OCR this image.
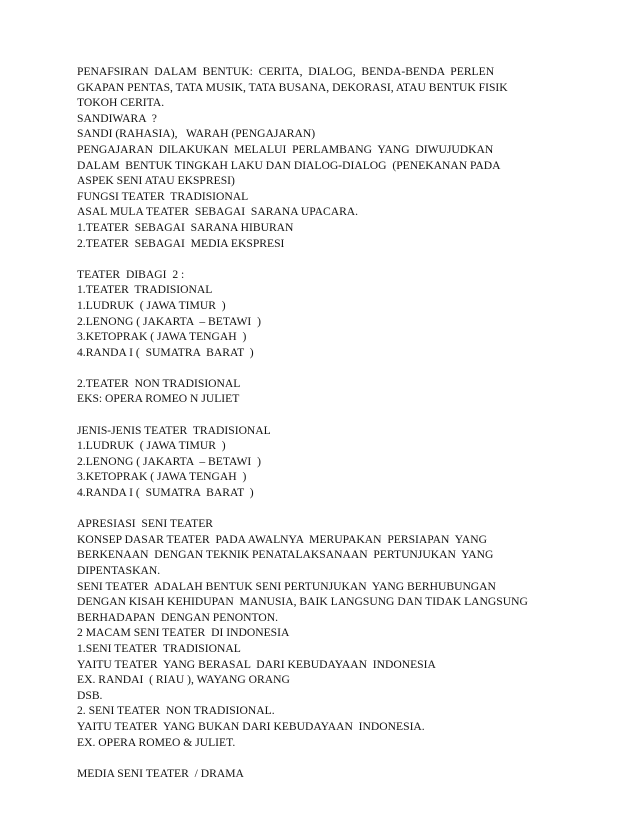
PENAFSIRAN  DALAM  BENTUK:  CERITA,  DIALOG,  BENDA-BENDA  PERLEN
GKAPAN PENTAS, TATA MUSIK, TATA BUSANA, DEKORASI, ATAU BENTUK FISIK
TOKOH CERITA.
SANDIWARA  ?
SANDI (RAHASIA),   WARAH (PENGAJARAN)
PENGAJARAN  DILAKUKAN  MELALUI  PERLAMBANG  YANG  DIWUJUDKAN
DALAM  BENTUK TINGKAH LAKU DAN DIALOG-DIALOG  (PENEKANAN PADA
ASPEK SENI ATAU EKSPRESI)
FUNGSI TEATER  TRADISIONAL
ASAL MULA TEATER  SEBAGAI  SARANA UPACARA.
1.TEATER  SEBAGAI  SARANA HIBURAN
2.TEATER  SEBAGAI  MEDIA EKSPRESI
TEATER  DIBAGI  2 :
1.TEATER  TRADISIONAL
1.LUDRUK  ( JAWA TIMUR  )
2.LENONG ( JAKARTA  – BETAWI  )
3.KETOPRAK ( JAWA TENGAH  )
4.RANDA I (  SUMATRA  BARAT  )
2.TEATER  NON TRADISIONAL
EKS: OPERA ROMEO N JULIET
JENIS-JENIS TEATER  TRADISIONAL
1.LUDRUK  ( JAWA TIMUR  )
2.LENONG ( JAKARTA  – BETAWI  )
3.KETOPRAK ( JAWA TENGAH  )
4.RANDA I (  SUMATRA  BARAT  )
APRESIASI  SENI TEATER
KONSEP DASAR TEATER  PADA AWALNYA  MERUPAKAN  PERSIAPAN  YANG
BERKENAAN  DENGAN TEKNIK PENATALAKSANAAN  PERTUNJUKAN  YANG
DIPENTASKAN.
SENI TEATER  ADALAH BENTUK SENI PERTUNJUKAN  YANG BERHUBUNGAN
DENGAN KISAH KEHIDUPAN  MANUSIA, BAIK LANGSUNG DAN TIDAK LANGSUNG
BERHADAPAN  DENGAN PENONTON.
2 MACAM SENI TEATER  DI INDONESIA
1.SENI TEATER  TRADISIONAL
YAITU TEATER  YANG BERASAL  DARI KEBUDAYAAN  INDONESIA
EX. RANDAI  ( RIAU ), WAYANG ORANG
DSB.
2. SENI TEATER  NON TRADISIONAL.
YAITU TEATER  YANG BUKAN DARI KEBUDAYAAN  INDONESIA.
EX. OPERA ROMEO & JULIET.
MEDIA SENI TEATER  / DRAMA
